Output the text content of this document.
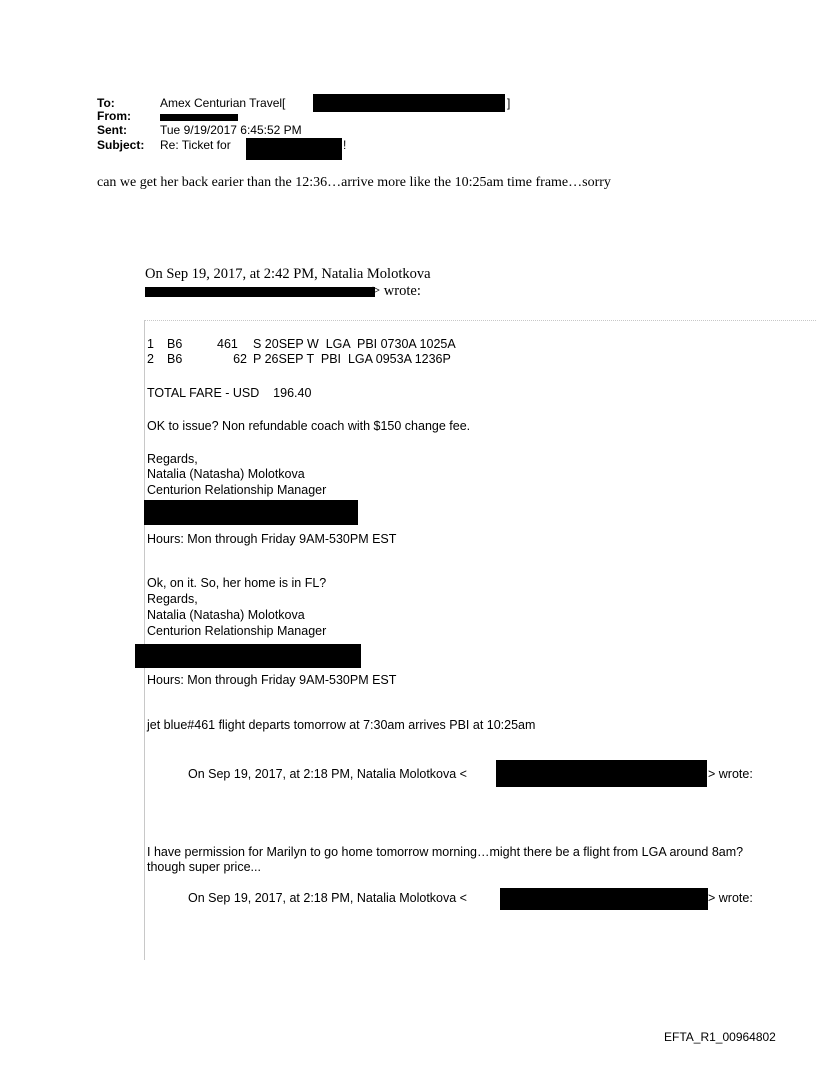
To:	Amex Centurian Travel[	]
From:
Sent:	Tue 9/19/2017 6:45:52 PM
Subject: Re: Ticket for	!
can we get her back earier than the 12:36…arrive more like the 10:25am time frame…sorry
On Sep 19, 2017, at 2:42 PM, Natalia Molotkova
> wrote:
1 B6	461 S 20SEP W  LGA  PBI 0730A 1025A
2 B6	62 P 26SEP T  PBI  LGA 0953A 1236P
TOTAL FARE - USD    196.40
OK to issue? Non refundable coach with $150 change fee.
Regards,
Natalia (Natasha) Molotkova
Centurion Relationship Manager
Hours: Mon through Friday 9AM-530PM EST
Ok, on it. So, her home is in FL?
Regards,
Natalia (Natasha) Molotkova
Centurion Relationship Manager
Hours: Mon through Friday 9AM-530PM EST
jet blue#461 flight departs tomorrow at 7:30am arrives PBI at 10:25am
On Sep 19, 2017, at 2:18 PM, Natalia Molotkova <	> wrote:
I have permission for Marilyn to go home tomorrow morning…might there be a flight from LGA around 8am?
though super price...
On Sep 19, 2017, at 2:18 PM, Natalia Molotkova <	> wrote:
EFTA_R1_00964802
